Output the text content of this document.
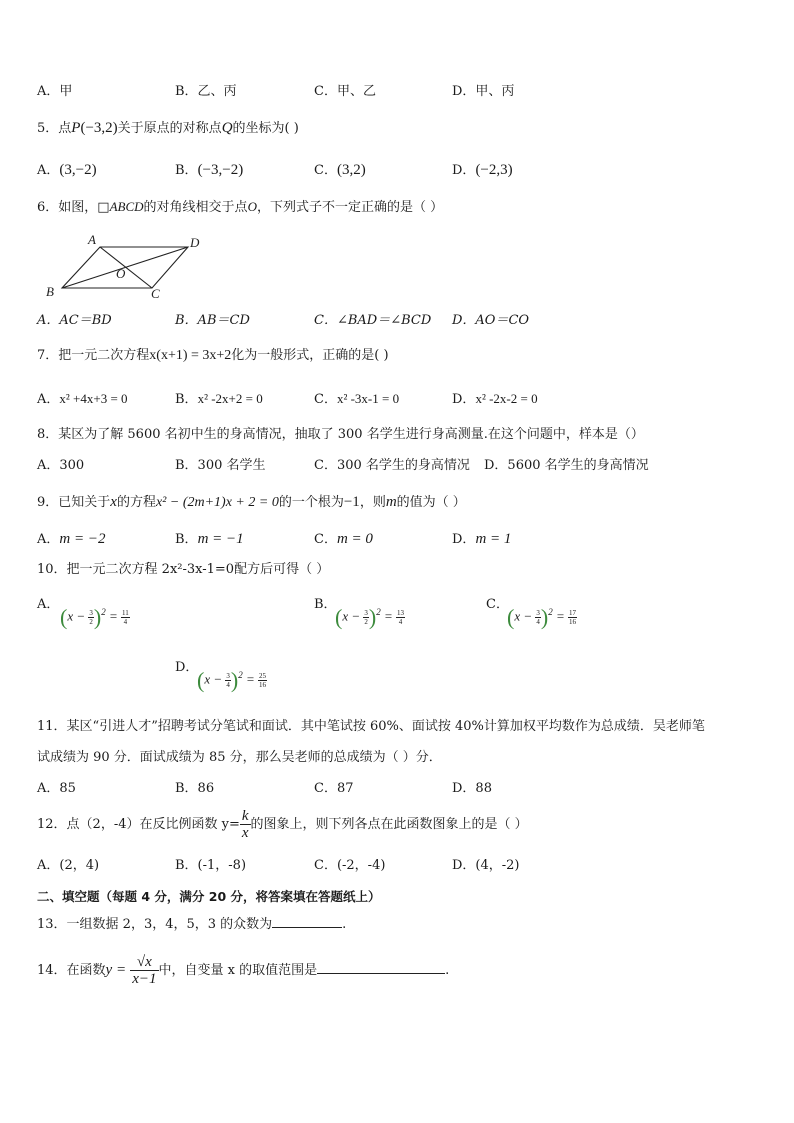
A．甲	B．乙、丙	C．甲、乙	D．甲、丙
5．点P(−3,2)关于原点的对称点Q的坐标为( )
A．(3,−2)	B．(−3,−2)	C．(3,2)	D．(−2,3)
6．如图，□ABCD的对角线相交于点O，下列式子不一定正确的是（ ）
A	D
B	C
O
A．AC＝BD	B．AB＝CD	C．∠BAD＝∠BCD D．AO＝CO
7．把一元二次方程x(x+1) = 3x+2化为一般形式，正确的是( )
A．x² +4x+3 = 0	B．x² -2x+2 = 0	C．x² -3x-1 = 0	D．x² -2x-2 = 0
8．某区为了解 5600 名初中生的身高情况，抽取了 300 名学生进行身高测量.在这个问题中，样本是（）
A．300	B．300 名学生	C．300 名学生的身高情况 D．5600 名学生的身高情况
9．已知关于x的方程x² − (2m+1)x + 2 = 0的一个根为−1，则m的值为（ ）
A．m = −2	B．m = −1	C．m = 0	D．m = 1
10．把一元二次方程 2x²-3x-1=0配方后可得（ ）
A． $(x - \frac{3}{2} )^2 = \frac{11}{4}$
B．
$(x - \frac{3}{2} )^2 = \frac{13}{4}$
C．
$(x - \frac{3}{4} )^2 = \frac{17}{16}$
D．
$(x - \frac{3}{4} )^2 = \frac{25}{16}$
11．某区“引进人才”招聘考试分笔试和面试．其中笔试按 60%、面试按 40%计算加权平均数作为总成绩．吴老师笔
试成绩为 90 分．面试成绩为 85 分，那么吴老师的总成绩为（ ）分．
A．85	B．86	C．87	D．88
12．点（2，-4）在反比例函数 $y= \frac{k}{x}$ 的图象上，则下列各点在此函数图象上的是（ ）
A．(2，4)	B．(-1，-8)	C．(-2，-4)	D．(4，-2)
二、填空题（每题 4 分，满分 20 分，将答案填在答题纸上）
13．一组数据 2，3，4，5，3 的众数为	.
14．在函数$y = \frac{√x}{x-1}$ 中，自变量 x 的取值范围是	.
